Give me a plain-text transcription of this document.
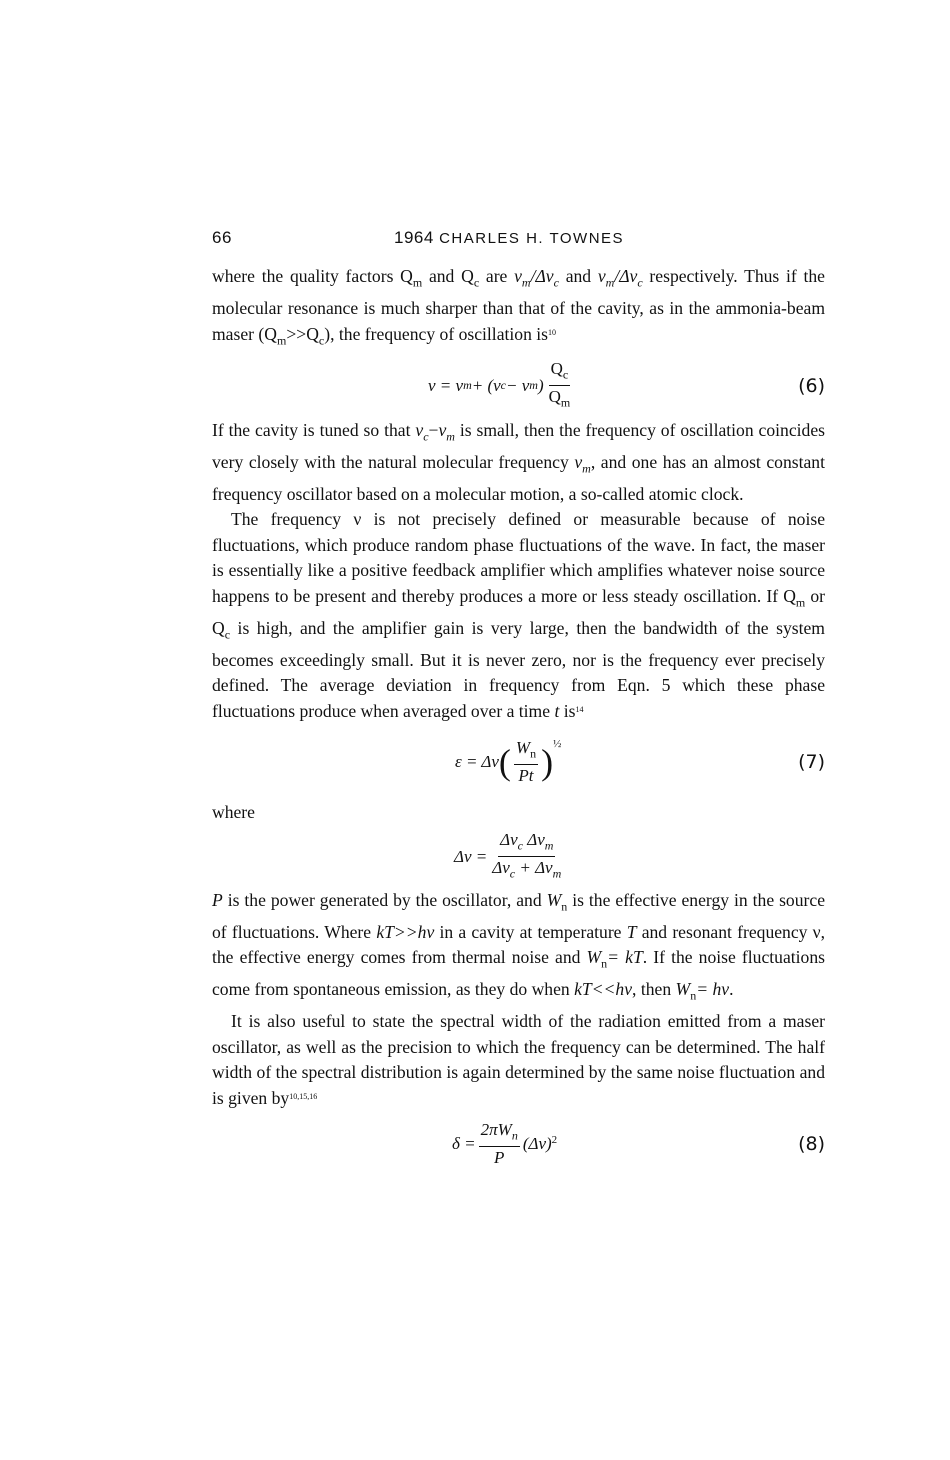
66	1964 CHARLES H. TOWNES

where the quality factors $Q_m$ and $Q_c$ are $\nu_m/\Delta\nu_c$ and $\nu_m/\Delta\nu_c$ respectively. Thus if the molecular resonance is much sharper than that of the cavity, as in the ammonia-beam maser $(Q_m>>Q_c)$, the frequency of oscillation is$^{10}$

ν = ν m + (ν c − ν m ) $\frac{Q_c}{Q_m}$	(6)

If the cavity is tuned so that $\nu_c-\nu_m$ is small, then the frequency of oscillation coincides very closely with the natural molecular frequency $\nu_m$, and one has an almost constant frequency oscillator based on a molecular motion, a so-called atomic clock.

The frequency ν is not precisely defined or measurable because of noise fluctuations, which produce random phase fluctuations of the wave. In fact, the maser is essentially like a positive feedback amplifier which amplifies whatever noise source happens to be present and thereby produces a more or less steady oscillation. If $Q_m$ or $Q_c$ is high, and the amplifier gain is very large, then the bandwidth of the system becomes exceedingly small. But it is never zero, nor is the frequency ever precisely defined. The average deviation in frequency from Eqn. 5 which these phase fluctuations produce when averaged over a time t is$^{14}$

ε = Δν ( $\frac{W_n}{Pt}$ ) ½
(7)

where

$\Delta\nu = \frac{\Delta\nu_c \Delta\nu_m}{\Delta\nu_c + \Delta\nu_m}$

P is the power generated by the oscillator, and $W_n$ is the effective energy in the source of fluctuations. Where kT>>hv in a cavity at temperature T and resonant frequency ν, the effective energy comes from thermal noise and $W_n=$ kT. If the noise fluctuations come from spontaneous emission, as they do when kT<<hv, then $W_n=$ hv.

It is also useful to state the spectral width of the radiation emitted from a maser oscillator, as well as the precision to which the frequency can be determined. The half width of the spectral distribution is again determined by the same noise fluctuation and is given by$^{10,15,16}$

$\delta = \frac{2\pi W_n}{P} (\Delta\nu)$ 2	(8)
